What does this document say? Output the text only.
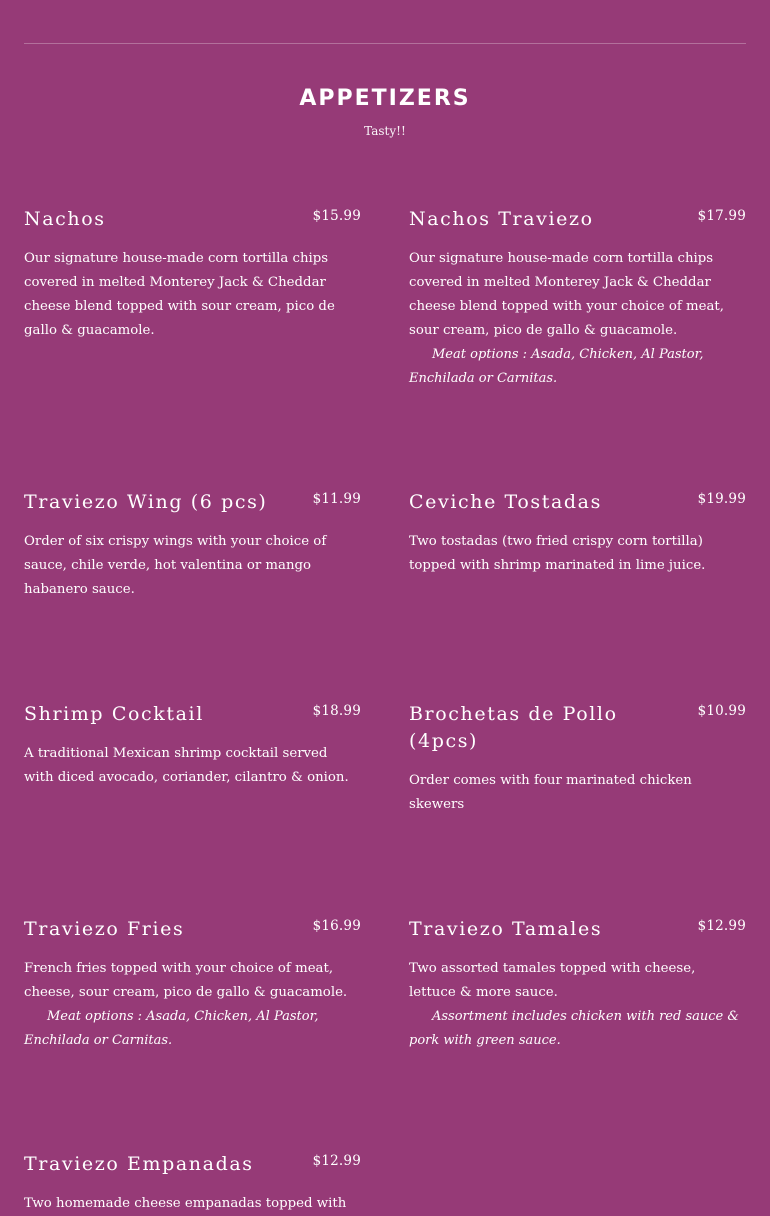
APPETIZERS

Tasty!!

Nachos	$15.99

Our signature house-made corn tortilla chips covered in melted Monterey Jack & Cheddar cheese blend topped with sour cream, pico de gallo & guacamole.

Nachos Traviezo	$17.99

Our signature house-made corn tortilla chips covered in melted Monterey Jack & Cheddar cheese blend topped with your choice of meat, sour cream, pico de gallo & guacamole.

Meat options : Asada, Chicken, Al Pastor, Enchilada or Carnitas.

Traviezo Wing (6 pcs)	$11.99

Order of six crispy wings with your choice of sauce, chile verde, hot valentina or mango habanero sauce.

Ceviche Tostadas	$19.99

Two tostadas (two fried crispy corn tortilla) topped with shrimp marinated in lime juice.

Shrimp Cocktail	$18.99

A traditional Mexican shrimp cocktail served with diced avocado, coriander, cilantro & onion.

Brochetas de Pollo (4pcs)
$10.99

Order comes with four marinated chicken skewers

Traviezo Fries	$16.99

French fries topped with your choice of meat, cheese, sour cream, pico de gallo & guacamole.

Meat options : Asada, Chicken, Al Pastor, Enchilada or Carnitas.

Traviezo Tamales	$12.99

Two assorted tamales topped with cheese, lettuce & more sauce.

Assortment includes chicken with red sauce & pork with green sauce.

Traviezo Empanadas	$12.99

Two homemade cheese empanadas topped with
